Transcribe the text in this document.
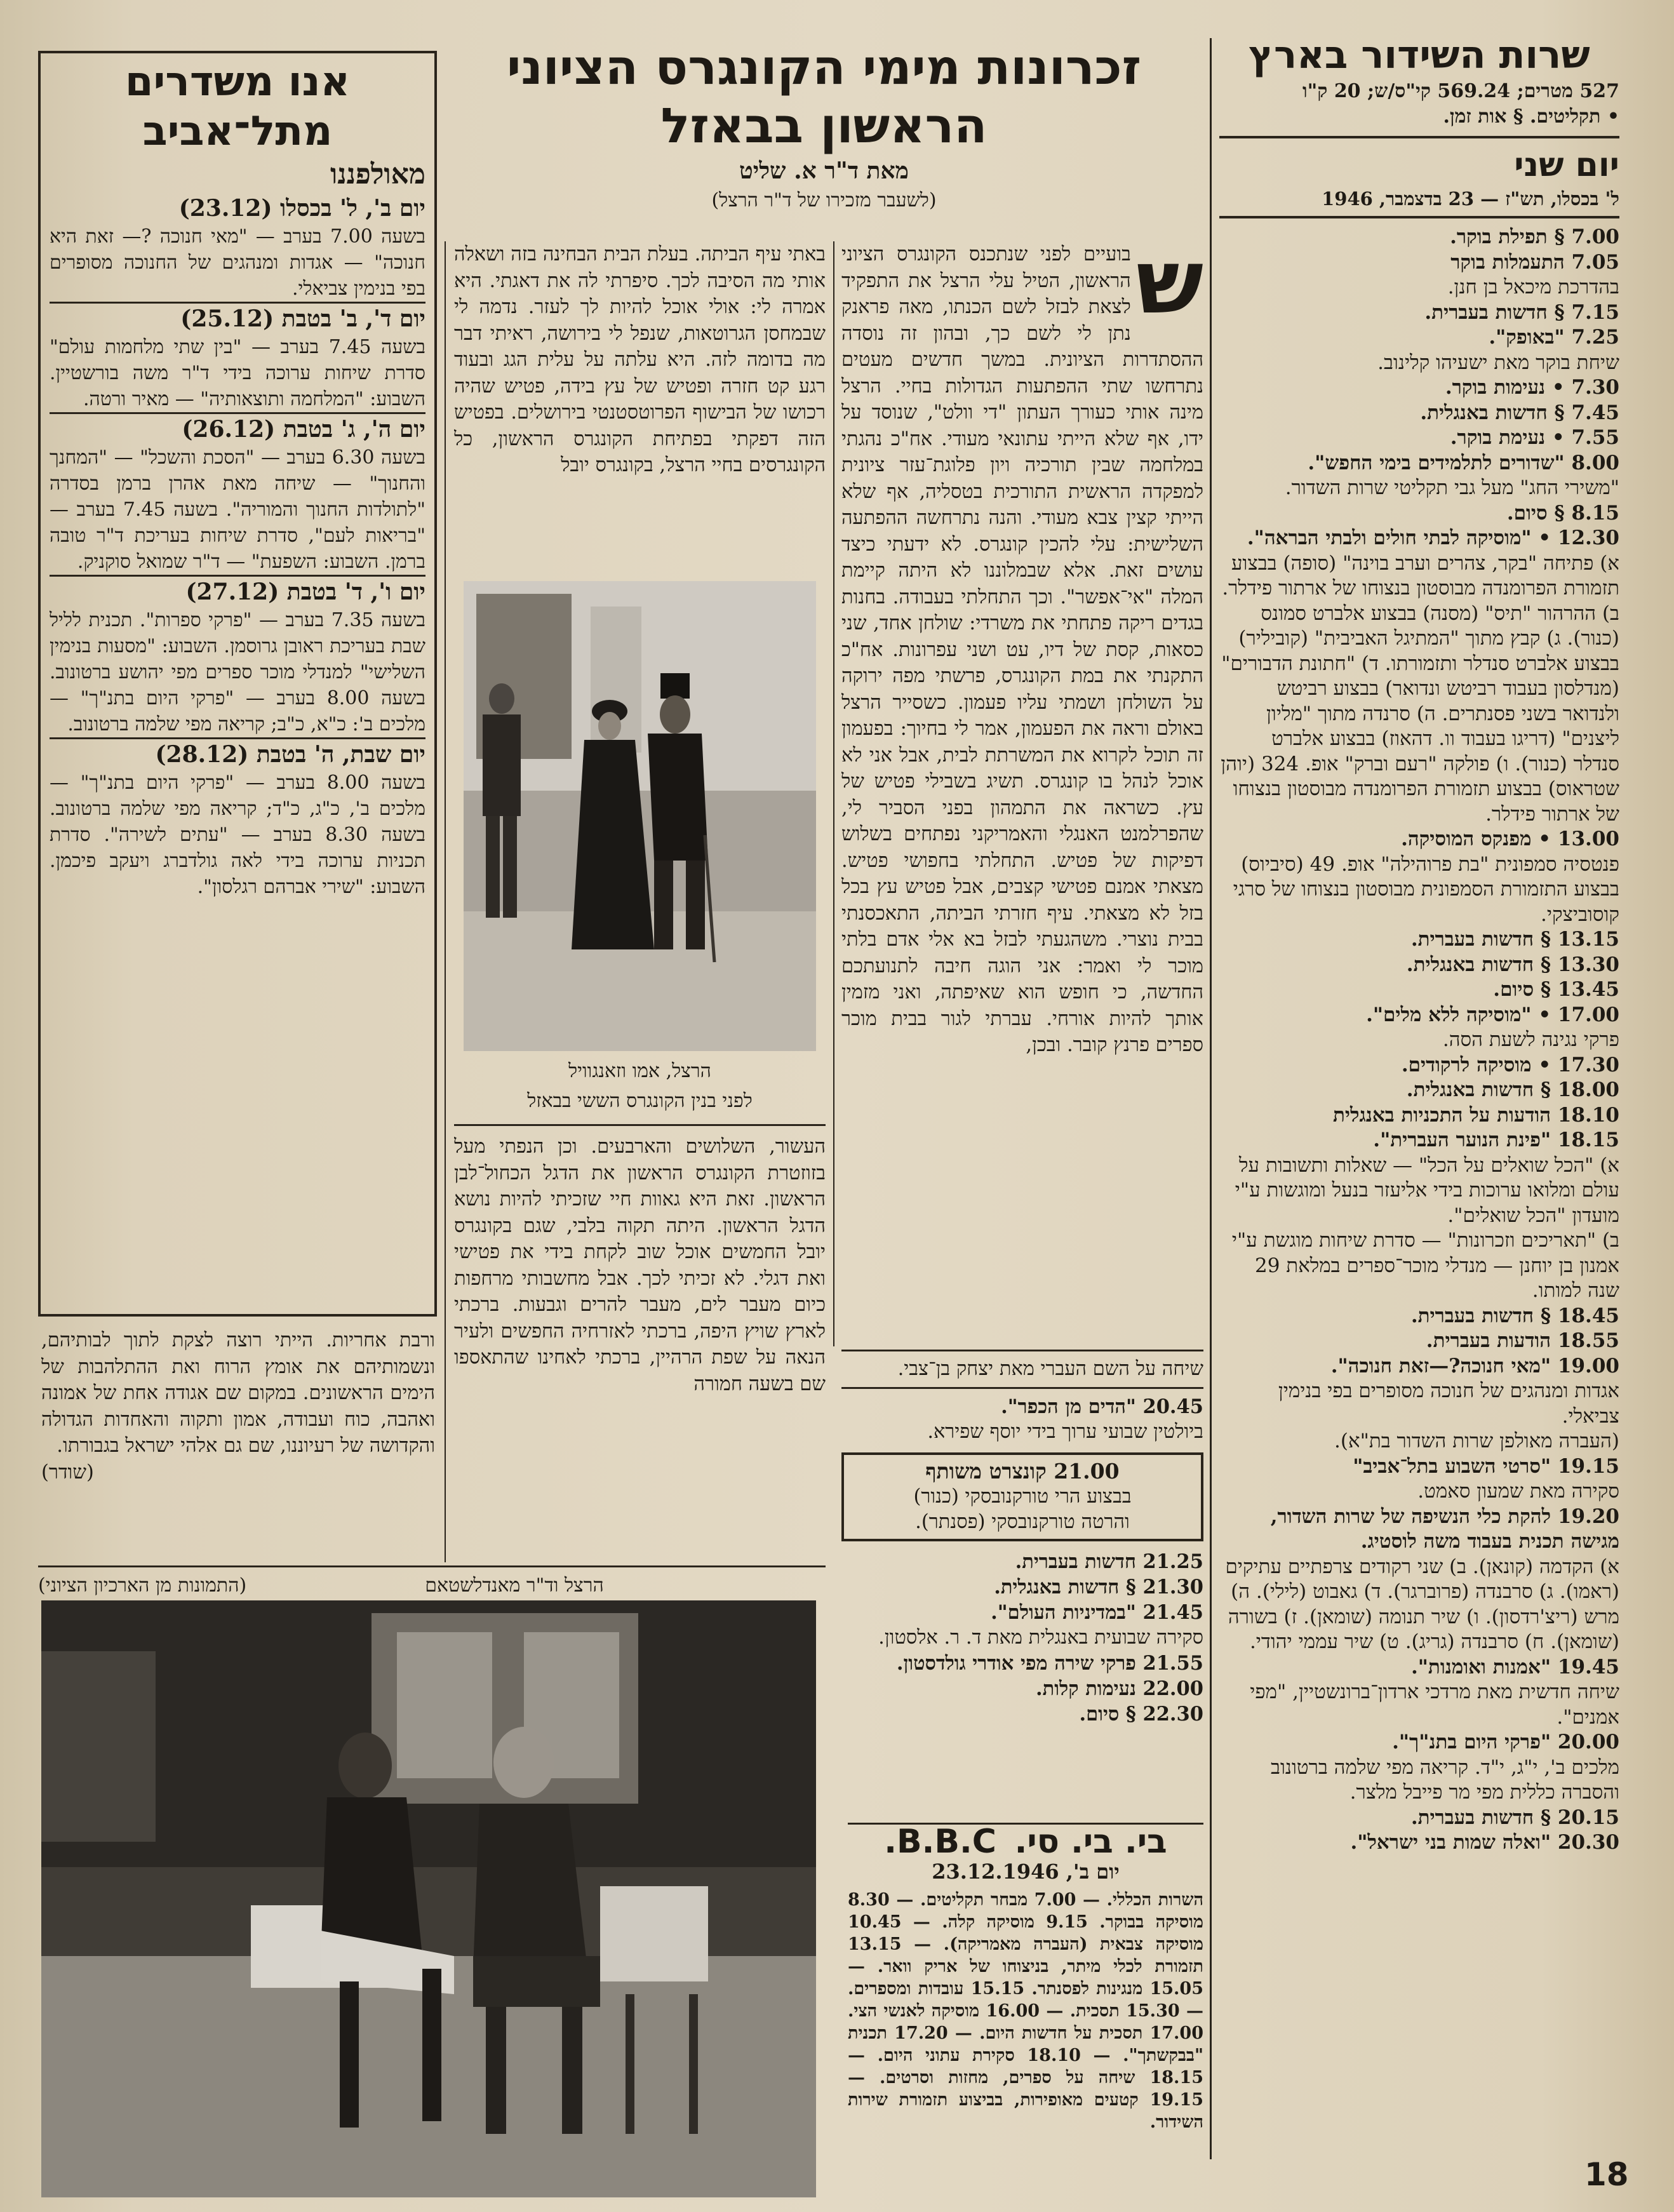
שרות השידור בארץ
527 מטרים; 569.24 קי"ס/ש; 20 ק"ו
• תקליטים. § אות זמן.
יום שני
ל' בכסלו, תש"ז — 23 בדצמבר, 1946
7.00 § תפילת בוקר.
7.05 התעמלות בוקר
בהדרכת מיכאל בן חנן.
7.15 § חדשות בעברית.
7.25 "באופק".
שיחת בוקר מאת ישעיהו קלינוב.
7.30 • נעימות בוקר.
7.45 § חדשות באנגלית.
7.55 • נעימת בוקר.
8.00 "שדורים לתלמידים בימי החפש".
"משירי החג" מעל גבי תקליטי שרות השדור.
8.15 § סיום.
12.30 • "מוסיקה לבתי חולים ולבתי הבראה".
א) פתיחה "בקר, צהרים וערב בוינה" (סופה) בבצוע תזמורת הפרומנדה מבוסטון בנצוחו של ארתור פידלר. ב) ההרהור "תיס" (מסנה) בבצוע אלברט סמונס (כנור). ג) קבץ מתוך "המתיגל האביבית" (קוביליר) בבצוע אלברט סנדלר ותזמורתו. ד) "חתונת הדבורים" (מנדלסון בעבוד רביטש ונדואר) בבצוע רביטש ולנדואר בשני פסנתרים. ה) סרנדה מתוך "מליון ליצנים" (דריגו בעבוד וו. דהאוז) בבצוע אלברט סנדלר (כנור). ו) פולקה "רעם וברק" אופ. 324 (יוהן שטראוס) בבצוע תזמורת הפרומנדה מבוסטון בנצוחו של ארתור פידלר.
13.00 • מפנקס המוסיקה.
פנטסיה סמפונית "בת פרוהילה" אופ. 49 (סיביוס) בבצוע התזמורת הסמפונית מבוסטון בנצוחו של סרגי קוסוביצקי.
13.15 § חדשות בעברית.
13.30 § חדשות באנגלית.
13.45 § סיום.
17.00 • "מוסיקה ללא מלים".
פרקי נגינה לשעת הסה.
17.30 • מוסיקה לרקודים.
18.00 § חדשות באנגלית.
18.10 הודעות על התכניות באנגלית
18.15 "פינת הנוער העברית".
א) "הכל שואלים על הכל" — שאלות ותשובות על עולם ומלואו ערוכות בידי אליעזר בנעל ומוגשות ע"י מועדון "הכל שואלים".
ב) "תאריכים וזכרונות" — סדרת שיחות מוגשת ע"י אמנון בן יוחנן — מנדלי מוכר־ספרים במלאת 29 שנה למותו.
18.45 § חדשות בעברית.
18.55 הודעות בעברית.
19.00 "מאי חנוכה?—זאת חנוכה".
אגדות ומנהגים של חנוכה מסופרים בפי בנימין צביאלי.
(העברה מאולפן שרות השדור בת"א).
19.15 "סרטי השבוע בתל־אביב"
סקירה מאת שמעון סאמט.
19.20 להקת כלי הנשיפה של שרות השדור, מגישה תכנית בעבוד משה לוסטיג.
א) הקדמה (קונאן). ב) שני רקודים צרפתיים עתיקים (ראמו). ג) סרבנדה (פרוברגר). ד) גאבוט (לילי). ה) מרש (ריצ'רדסון). ו) שיר תנומה (שומאן). ז) בשורה (שומאן). ח) סרבנדה (גריג). ט) שיר עממי יהודי.
19.45 "אמנות ואומנות".
שיחה חדשית מאת מרדכי ארדון־ברונשטיין, "מפי אמנים".
20.00 "פרקי היום בתנ"ך".
מלכים ב', י"ג, י"ד. קריאה מפי שלמה ברטונוב והסברה כללית מפי מר פייבל מלצר.
20.15 § חדשות בעברית.
20.30 "ואלה שמות בני ישראל".
זכרונות מימי הקונגרס הציוני
הראשון בבאזל
מאת ד"ר א. שליט
(לשעבר מזכירו של ד"ר הרצל)
ש
בועיים לפני שנתכנס הקונגרס הציוני הראשון, הטיל עלי הרצל את התפקיד לצאת לבזל לשם הכנתו, מאה פראנק נתן לי לשם כך, ובהון זה נוסדה ההסתדרות הציונית. במשך חדשים מעטים נתרחשו שתי ההפתעות הגדולות בחיי. הרצל מינה אותי כעורך העתון "די וולט", שנוסד על ידו, אף שלא הייתי עתונאי מעודי. אח"כ נהגתי במלחמה שבין תורכיה ויון פלוגת־עזר ציונית למפקדה הראשית התורכית בטסליה, אף שלא הייתי קצין צבא מעודי. והנה נתרחשה ההפתעה השלישית: עלי להכין קונגרס. לא ידעתי כיצד עושים זאת. אלא שבמלוננו לא היתה קיימת המלה "אי־אפשר". וכך התחלתי בעבודה. בחנות בגדים ריקה פתחתי את משרדי: שולחן אחד, שני כסאות, קסת של דיו, עט ושני עפרונות. אח"כ התקנתי את במת הקונגרס, פרשתי מפה ירוקה על השולחן ושמתי עליו פעמון. כשסייר הרצל באולם וראה את הפעמון, אמר לי בחיוך: בפעמון זה תוכל לקרוא את המשרתת לבית, אבל אני לא אוכל לנהל בו קונגרס. תשיג בשבילי פטיש של עץ. כשראה את התמהון בפני הסביר לי, שהפרלמנט האנגלי והאמריקני נפתחים בשלוש דפיקות של פטיש. התחלתי בחפושי פטיש. מצאתי אמנם פטישי קצבים, אבל פטיש עץ בכל בזל לא מצאתי. עיף חזרתי הביתה, התאכסנתי בבית נוצרי. משהגעתי לבזל בא אלי אדם בלתי מוכר לי ואמר: אני הוגה חיבה לתנועתכם החדשה, כי חופש הוא שאיפתה, ואני מזמין אותך להיות אורחי. עברתי לגור בבית מוכר ספרים פרנץ קובר. ובכן,
באתי עיף הביתה. בעלת הבית הבחינה בזה ושאלה אותי מה הסיבה לכך. סיפרתי לה את דאגתי. היא אמרה לי: אולי אוכל להיות לך לעזר. נדמה לי שבמחסן הגרוטאות, שנפל לי בירושה, ראיתי דבר מה בדומה לזה. היא עלתה על עלית הגג ובעוד רגע קט חזרה ופטיש של עץ בידה, פטיש שהיה רכושו של הבישוף הפרוטסטנטי בירושלים. בפטיש הזה דפקתי בפתיחת הקונגרס הראשון, כל הקונגרסים בחיי הרצל, בקונגרס יובל
הרצל, אמו וזאנגוויל
לפני בנין הקונגרס הששי בבאזל
העשור, השלושים והארבעים. וכן הנפתי מעל בזוזטרת הקונגרס הראשון את הדגל הכחול־לבן הראשון. זאת היא גאוות חיי שזכיתי להיות נושא הדגל הראשון. היתה תקוה בלבי, שגם בקונגרס יובל החמשים אוכל שוב לקחת בידי את פטישי ואת דגלי. לא זכיתי לכך. אבל מחשבותי מרחפות כיום מעבר לים, מעבר להרים וגבעות. ברכתי לארץ שויץ היפה, ברכתי לאזרחיה החפשים ולעיר הנאה על שפת הרהיין, ברכתי לאחינו שהתאספו שם בשעה חמורה
שיחה על השם העברי מאת יצחק בן־צבי.
20.45 "הדים מן הכפר".
ביולטין שבועי ערוך בידי יוסף שפירא.
21.00 קונצרט משותף
בבצוע הרי טורקנובסקי (כנור)
והרטה טורקנובסקי (פסנתר).
21.25 חדשות בעברית.
21.30 § חדשות באנגלית.
21.45 "במדיניות העולם".
סקירה שבועית באנגלית מאת ד. ר. אלסטון.
21.55 פרקי שירה מפי אודרי גולדסטון.
22.00 נעימות קלות.
22.30 § סיום.
בי. בי. סי. B.B.C.
יום ב', 23.12.1946
השרות הכללי. — 7.00 מבחר תקליטים. — 8.30 מוסיקה בבוקר. 9.15 מוסיקה קלה. — 10.45 מוסיקה צבאית (העברה מאמריקה). — 13.15 תזמורת לכלי מיתר, בניצוחו של אריק וואר. — 15.05 מנגינות לפסנתר. 15.15 עובדות ומספרים. — 15.30 תסכית. — 16.00 מוסיקה לאנשי הצי. 17.00 תסכית על חדשות היום. — 17.20 תכנית "בבקשתך". — 18.10 סקירת עתוני היום. — 18.15 שיחה על ספרים, מחזות וסרטים. — 19.15 קטעים מאופירות, בביצוע תזמורת שירות השידור.
אנו משדרים
מתל־אביב
מאולפננו
יום ב', ל' בכסלו (23.12)
בשעה 7.00 בערב — "מאי חנוכה ?— זאת היא חנוכה" — אגדות ומנהגים של החנוכה מסופרים בפי בנימין צביאלי.
יום ד', ב' בטבת (25.12)
בשעה 7.45 בערב — "בין שתי מלחמות עולם" סדרת שיחות ערוכה בידי ד"ר משה בורשטיין. השבוע: "המלחמה ותוצאותיה" — מאיר ורטה.
יום ה', ג' בטבת (26.12)
בשעה 6.30 בערב — "הסכת והשכל" — "המחנך והחנוך" — שיחה מאת אהרן ברמן בסדרה "לתולדות החנוך והמוריה". בשעה 7.45 בערב — "בריאות לעם", סדרת שיחות בעריכת ד"ר טובה ברמן. השבוע: השפעת" — ד"ר שמואל סוקניק.
יום ו', ד' בטבת (27.12)
בשעה 7.35 בערב — "פרקי ספרות". תכנית לליל שבת בעריכת ראובן גרוסמן. השבוע: "מסעות בנימין השלישי" למנדלי מוכר ספרים מפי יהושע ברטונוב. בשעה 8.00 בערב — "פרקי היום בתנ"ך" — מלכים ב': כ"א, כ"ב; קריאה מפי שלמה ברטונוב.
יום שבת, ה' בטבת (28.12)
בשעה 8.00 בערב — "פרקי היום בתנ"ך" — מלכים ב', כ"ג, כ"ד; קריאה מפי שלמה ברטונוב. בשעה 8.30 בערב — "עתים לשירה". סדרת תכניות ערוכה בידי לאה גולדברג ויעקב פיכמן. השבוע: "שירי אברהם רגלסון".
ורבת אחריות. הייתי רוצה לצקת לתוך לבותיהם, ונשמותיהם את אומץ הרוח ואת ההתלהבות של הימים הראשונים. במקום שם אגודה אחת של אמונה ואהבה, כוח ועבודה, אמון ותקוה והאחדות הגדולה והקדושה של רעיוננו, שם גם אלהי ישראל בגבורתו.
(שודר)
הרצל וד"ר מאנדלשטאם
(התמונות מן הארכיון הציוני)
18
